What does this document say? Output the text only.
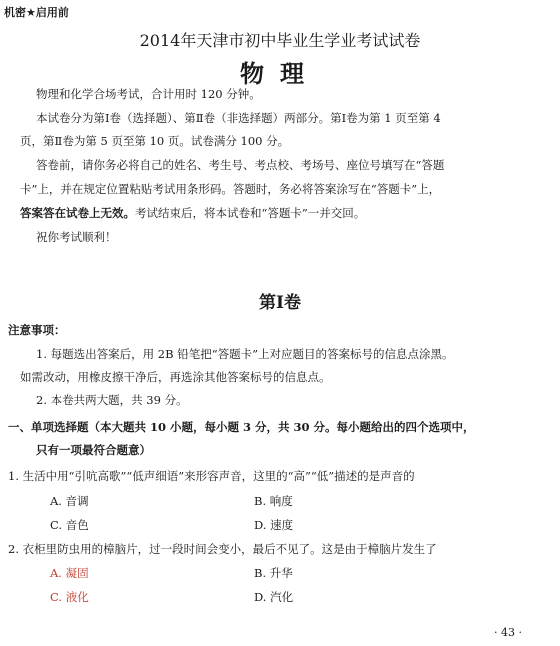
机密★启用前
2014年天津市初中毕业生学业考试试卷
物理
物理和化学合场考试，合计用时 120 分钟。
本试卷分为第Ⅰ卷（选择题）、第Ⅱ卷（非选择题）两部分。第Ⅰ卷为第 1 页至第 4
页，第Ⅱ卷为第 5 页至第 10 页。试卷满分 100 分。
答卷前，请你务必将自己的姓名、考生号、考点校、考场号、座位号填写在“答题
卡”上，并在规定位置粘贴考试用条形码。答题时，务必将答案涂写在“答题卡”上，
答案答在试卷上无效。考试结束后，将本试卷和“答题卡”一并交回。
祝你考试顺利！
第Ⅰ卷
注意事项：
1. 每题选出答案后，用 2B 铅笔把“答题卡”上对应题目的答案标号的信息点涂黑。
如需改动，用橡皮擦干净后，再选涂其他答案标号的信息点。
2. 本卷共两大题，共 39 分。
一、单项选择题（本大题共 10 小题，每小题 3 分，共 30 分。每小题给出的四个选项中，
只有一项最符合题意）
1. 生活中用“引吭高歌”“低声细语”来形容声音，这里的“高”“低”描述的是声音的
A. 音调	B. 响度
C. 音色	D. 速度
2. 衣柜里防虫用的樟脑片，过一段时间会变小，最后不见了。这是由于樟脑片发生了
A. 凝固	B. 升华
C. 液化	D. 汽化
· 43 ·
